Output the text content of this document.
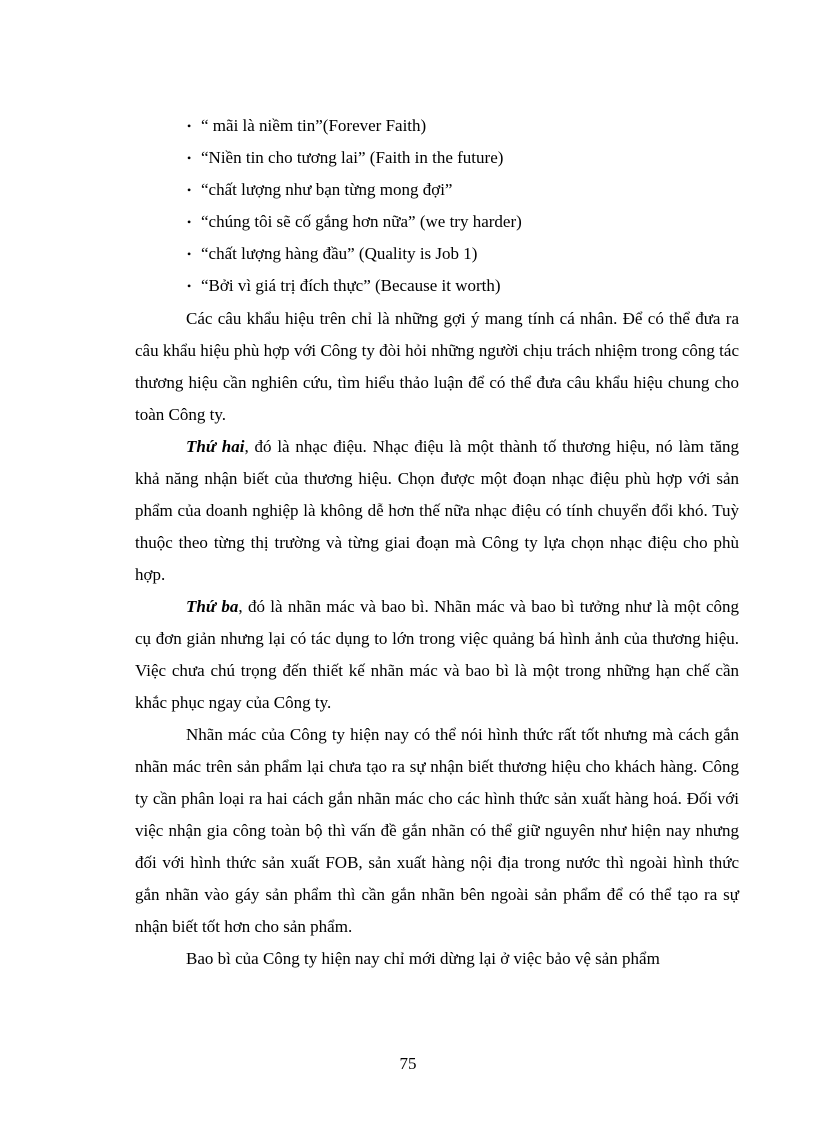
• “ mãi là niềm tin”(Forever Faith)
• “Niền tin cho tương lai” (Faith in the future)
• “chất lượng như bạn từng mong đợi”
• “chúng tôi sẽ cố gắng hơn nữa” (we try harder)
• “chất lượng hàng đầu” (Quality is Job 1)
• “Bởi vì giá trị đích thực” (Because it worth)

Các câu khẩu hiệu trên chỉ là những gợi ý mang tính cá nhân. Để có thể đưa ra câu khẩu hiệu phù hợp với Công ty đòi hỏi những người chịu trách nhiệm trong công tác thương hiệu cần nghiên cứu, tìm hiểu thảo luận để có thể đưa câu khẩu hiệu chung cho toàn Công ty.

Thứ hai, đó là nhạc điệu. Nhạc điệu là một thành tố thương hiệu, nó làm tăng khả năng nhận biết của thương hiệu. Chọn được một đoạn nhạc điệu phù hợp với sản phẩm của doanh nghiệp là không dễ hơn thế nữa nhạc điệu có tính chuyển đổi khó. Tuỳ thuộc theo từng thị trường và từng giai đoạn mà Công ty lựa chọn nhạc điệu cho phù hợp.

Thứ ba, đó là nhãn mác và bao bì. Nhãn mác và bao bì tưởng như là một công cụ đơn giản nhưng lại có tác dụng to lớn trong việc quảng bá hình ảnh của thương hiệu. Việc chưa chú trọng đến thiết kế nhãn mác và bao bì là một trong những hạn chế cần khắc phục ngay của Công ty.

Nhãn mác của Công ty hiện nay có thể nói hình thức rất tốt nhưng mà cách gắn nhãn mác trên sản phẩm lại chưa tạo ra sự nhận biết thương hiệu cho khách hàng. Công ty cần phân loại ra hai cách gắn nhãn mác cho các hình thức sản xuất hàng hoá. Đối với việc nhận gia công toàn bộ thì vấn đề gắn nhãn có thể giữ nguyên như hiện nay nhưng đối với hình thức sản xuất FOB, sản xuất hàng nội địa trong nước thì ngoài hình thức gắn nhãn vào gáy sản phẩm thì cần gắn nhãn bên ngoài sản phẩm để có thể tạo ra sự nhận biết tốt hơn cho sản phẩm.

Bao bì của Công ty hiện nay chỉ mới dừng lại ở việc bảo vệ sản phẩm

75
